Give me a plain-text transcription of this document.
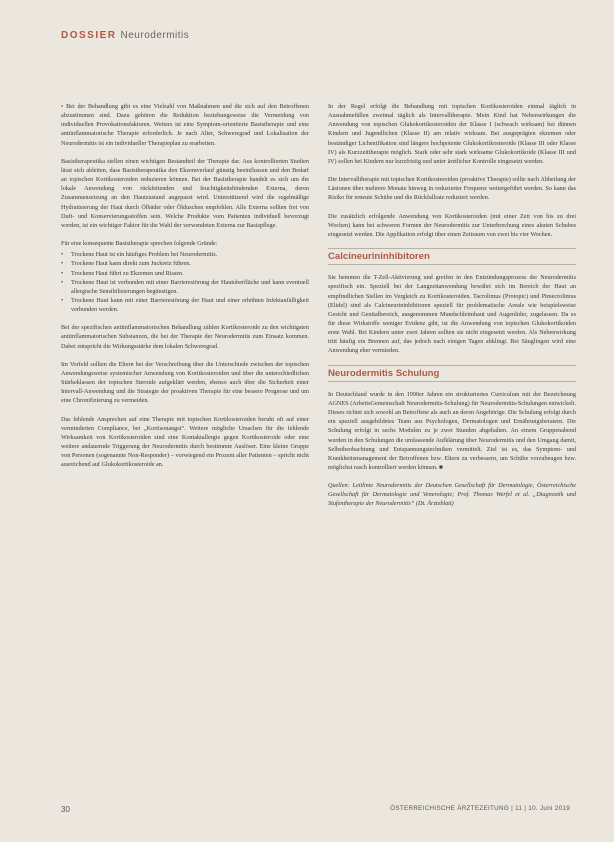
DOSSIER Neurodermitis

• Bei der Behandlung gibt es eine Vielzahl von Maßnahmen und die sich auf den Betroffenen abzustimmen sind. Dazu gehören die Reduktion beziehungsweise die Vermeidung von individuellen Provokationsfaktoren. Weiters ist eine Symptom-orientierte Basistherapie und eine antiinflammatorische Therapie erforderlich. Je nach Alter, Schweregrad und Lokalisation der Neurodermitis ist ein individueller Therapieplan zu erarbeiten.

Basistherapeutika stellen einen wichtigen Bestandteil der Therapie dar. Aus kontrollierten Studien lässt sich ableiten, dass Basistherapeutika den Ekzemverlauf günstig beeinflussen und den Bedarf an topischen Kortikosteroiden reduzieren können. Bei der Basistherapie handelt es sich um die lokale Anwendung von rückfettenden und feuchtigkeitsbindenden Externa, deren Zusammensetzung an den Hautzustand angepasst wird. Unterstützend wird die regelmäßige Hydratisierung der Haut durch Ölbäder oder Ölduschen empfohlen. Alle Externa sollten frei von Duft- und Konservierungsstoffen sein. Welche Produkte vom Patienten individuell bevorzugt werden, ist ein wichtiger Faktor für die Wahl der verwendeten Externa zur Basispflege.

Für eine konsequente Basistherapie sprechen folgende Gründe:

• Trockene Haut ist ein häufiges Problem bei Neurodermitis.
• Trockene Haut kann direkt zum Juckreiz führen.
• Trockene Haut führt zu Ekzemen und Rissen.
• Trockene Haut ist verbunden mit einer Barrierestörung der Hautoberfläche und kann eventuell allergische Sensibilisierungen begünstigen.
• Trockene Haut kann mit einer Barrierestörung der Haut und einer erhöhten Infektanfälligkeit verbunden werden.

Bei der spezifischen antiinflammatorischen Behandlung zählen Kortikosteroide zu den wichtigsten antiinflammatorischen Substanzen, die bei der Therapie der Neurodermitis zum Einsatz kommen. Dabei entspricht die Wirkungsstärke dem lokalen Schweregrad.

Im Vorfeld sollten die Eltern bei der Verschreibung über die Unterschiede zwischen der topischen Anwendungsweise systemischer Anwendung von Kortikosteroiden und über die unterschiedlichen Stärkeklassen der topischen Steroide aufgeklärt werden, ebenso auch über die Sicherheit einer Intervall-Anwendung und die Strategie der proaktiven Therapie für eine bessere Prognose und um eine Chronifizierung zu vermeiden.

Das fehlende Ansprechen auf eine Therapie mit topischen Kortikosteroiden beruht oft auf einer verminderten Compliance, bei „Kortisonangst“. Weitere mögliche Ursachen für die fehlende Wirksamkeit von Kortikosteroiden sind eine Kontaktallergie gegen Kortikosteroide oder eine weitere andauernde Triggerung der Neurodermitis durch bestimmte Auslöser. Eine kleine Gruppe von Personen (sogenannte Non-Responder) – vorwiegend ein Prozent aller Patienten – spricht nicht ausreichend auf Glukokortikosteroide an.

In der Regel erfolgt die Behandlung mit topischen Kortikosteroiden einmal täglich in Ausnahmefällen zweimal täglich als Intervalltherapie. Mein Kind hat Nebenwirkungen die Anwendung von topischen Glukokortikosteroiden der Klasse I (schwach wirksam) bei dünnen Kindern und Jugendlichen (Klasse II) am relativ wirksam. Bei ausgeprägten ekzemen oder beständiger Lichenifikation sind längere hochpotente Glukokortikosteroide (Klasse III oder Klasse IV) als Kurzzeittherapie möglich. Stark oder sehr stark wirksame Glukokortikoide (Klasse III und IV) sollen bei Kindern nur kurzfristig und unter ärztlicher Kontrolle eingesetzt werden.

Die Intervalltherapie mit topischen Kortikosteroiden (proaktive Therapie) sollte nach Abheilung der Läsionen über mehrere Monate hinweg in reduzierter Frequenz weitergeführt werden. So kann das Risiko für erneute Schübe und die Rückfallrate reduziert werden.

Die zusätzlich erfolgende Anwendung von Kortikosteroiden (mit einer Zeit von bis zu drei Wochen) kann bei schweren Formen der Neurodermitis zur Unterbrechung eines akuten Schubes eingesetzt werden. Die Applikation erfolgt über einen Zeitraum von zwei bis vier Wochen.

Calcineurininhibitoren

Sie hemmen die T-Zell-Aktivierung und greifen in den Entzündungsprozess der Neurodermitis spezifisch ein. Speziell bei der Langzeitanwendung bewährt sich im Bereich der Haut an empfindlichen Stellen im Vergleich zu Kortikosteroiden. Tacrolimus (Protopic) und Pimecrolimus (Elidel) sind als Calcineurininhibitoren speziell für problematische Areale wie beispielsweise Gesicht und Genitalbereich, ausgenommen Mundschleimhaut und Augenlider, zugelassen. Da es für diese Wirkstoffe weniger Evidenz gibt, ist die Anwendung von topischen Glukokortikoiden erste Wahl. Bei Kindern unter zwei Jahren sollten sie nicht eingesetzt werden. Als Nebenwirkung tritt häufig ein Brennen auf, das jedoch nach einigen Tagen abklingt. Bei Säuglingen wird eine Anwendung eher vermieden.

Neurodermitis Schulung

In Deutschland wurde in den 1990er Jahren ein strukturiertes Curriculum mit der Bezeichnung AGNES (ArbeitsGemeinschaft Neurodermitis-Schulung) für Neurodermitis-Schulungen entwickelt. Dieses richtet sich sowohl an Betroffene als auch an deren Angehörige. Die Schulung erfolgt durch ein speziell ausgebildetes Team aus Psychologen, Dermatologen und Ernährungsberatern. Die Schulung erfolgt in sechs Modulen zu je zwei Stunden abgehalten. An einem Gruppenabend werden in den Schulungen die umfassende Aufklärung über Neurodermitis und den Umgang damit, Selbstbeobachtung und Entspannungstechniken vermittelt. Ziel ist es, das Symptom- und Krankheitsmanagement der Betroffenen bzw. Eltern zu verbessern, um Schübe vorzubeugen bzw. möglichst rasch kontrolliert werden können. ■

Quellen: Leitlinie Neurodermitis der Deutschen Gesellschaft für Dermatologie, Österreichische Gesellschaft für Dermatologie und Venerologie; Prof. Thomas Werfel et al. „Diagnostik und Stufentherapie der Neurodermitis“ (Dt. Ärzteblatt)

30	ÖSTERREICHISCHE ÄRZTEZEITUNG | 11 | 10. Juni 2019
